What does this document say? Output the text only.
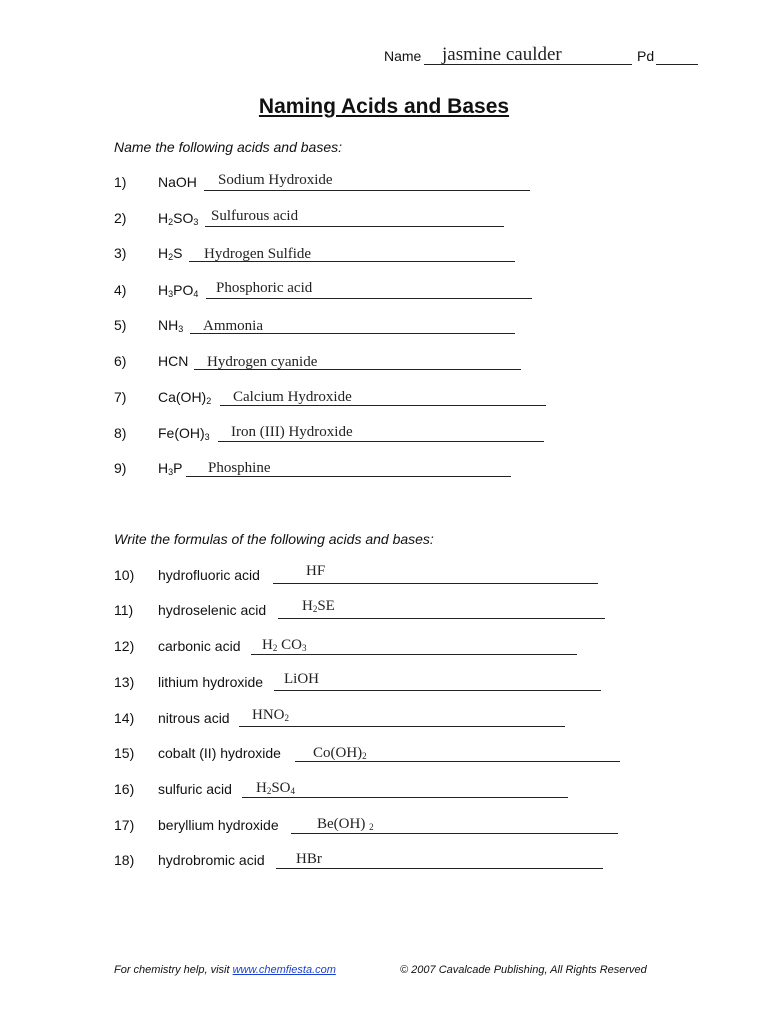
Name jasmine caulder	Pd
Naming Acids and Bases
Name the following acids and bases:
1) NaOH Sodium Hydroxide
2) $H_2SO_3$ Sulfurous acid
3) $H_2S$ Hydrogen Sulfide
4) $H_3PO_4$ Phosphoric acid
5) $NH_3$ Ammonia
6) HCN Hydrogen cyanide
7) $Ca(OH)_2$ Calcium Hydroxide
8) $Fe(OH)_3$ Iron (III) Hydroxide
9) $H_3P$ Phosphine
Write the formulas of the following acids and bases:
10) hydrofluoric acid	HF
11) hydroselenic acid $H_2SE$
12) carbonic acid $H_2$ $CO_3$
13) lithium hydroxide LiOH
14) nitrous acid $HNO_2$
15) cobalt (II) hydroxide $Co(OH)_2$
16) sulfuric acid $H_2SO_4$
17) beryllium hydroxide	Be(OH) $_2$
18) hydrobromic acid HBr
For chemistry help, visit www.chemfiesta.com	© 2007 Cavalcade Publishing, All Rights Reserved
